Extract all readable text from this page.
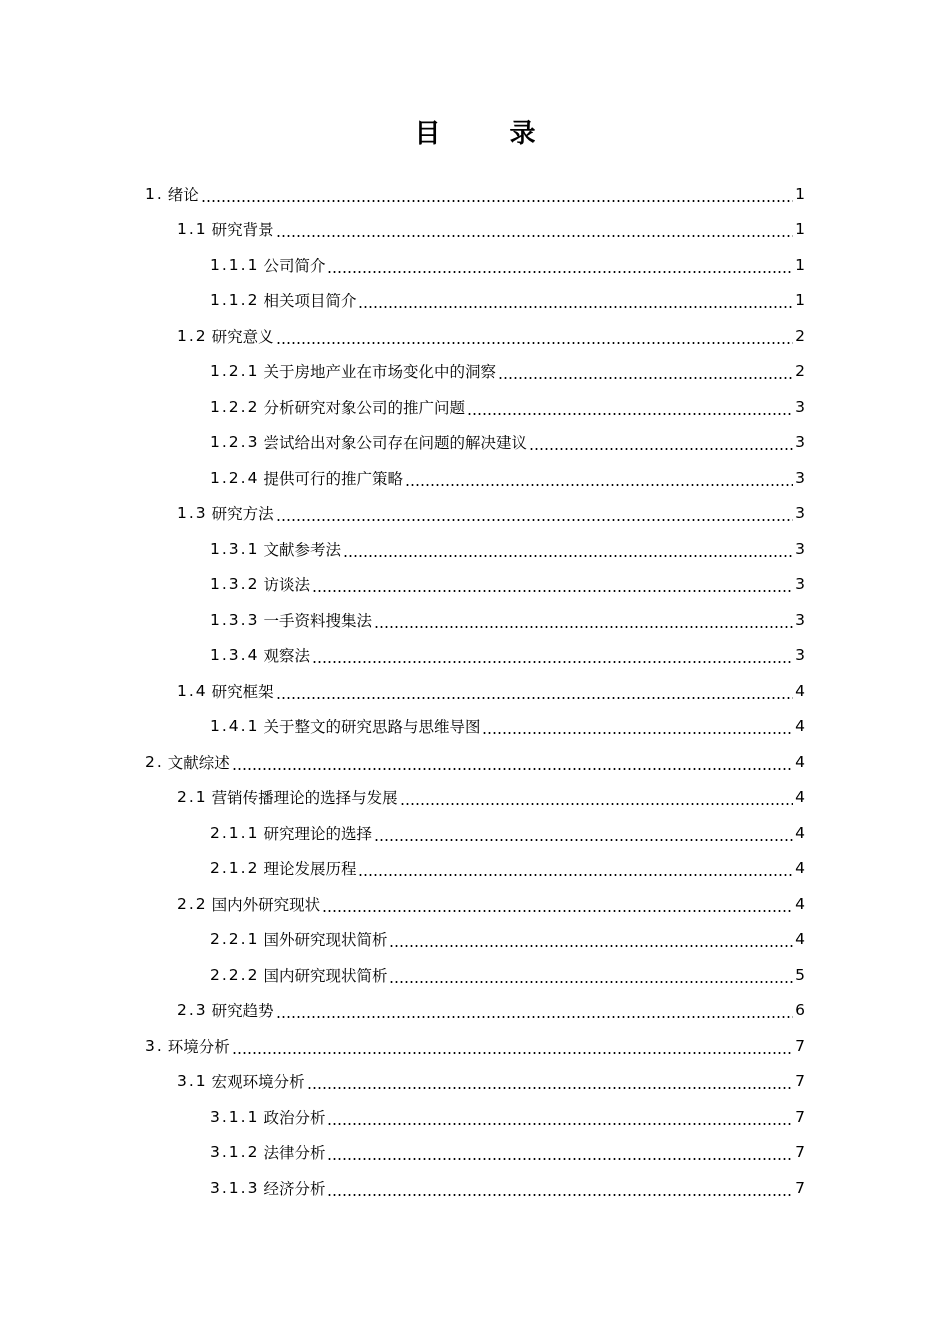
目 录
1. 绪论	1
1.1 研究背景	1
1.1.1 公司简介	1
1.1.2 相关项目简介	1
1.2 研究意义	2
1.2.1 关于房地产业在市场变化中的洞察	2
1.2.2 分析研究对象公司的推广问题	3
1.2.3 尝试给出对象公司存在问题的解决建议	3
1.2.4 提供可行的推广策略	3
1.3 研究方法	3
1.3.1 文献参考法	3
1.3.2 访谈法	3
1.3.3 一手资料搜集法	3
1.3.4 观察法	3
1.4 研究框架	4
1.4.1 关于整文的研究思路与思维导图	4
2. 文献综述	4
2.1 营销传播理论的选择与发展	4
2.1.1 研究理论的选择	4
2.1.2 理论发展历程	4
2.2 国内外研究现状	4
2.2.1 国外研究现状简析	4
2.2.2 国内研究现状简析	5
2.3 研究趋势	6
3. 环境分析	7
3.1 宏观环境分析	7
3.1.1 政治分析	7
3.1.2 法律分析	7
3.1.3 经济分析	7
